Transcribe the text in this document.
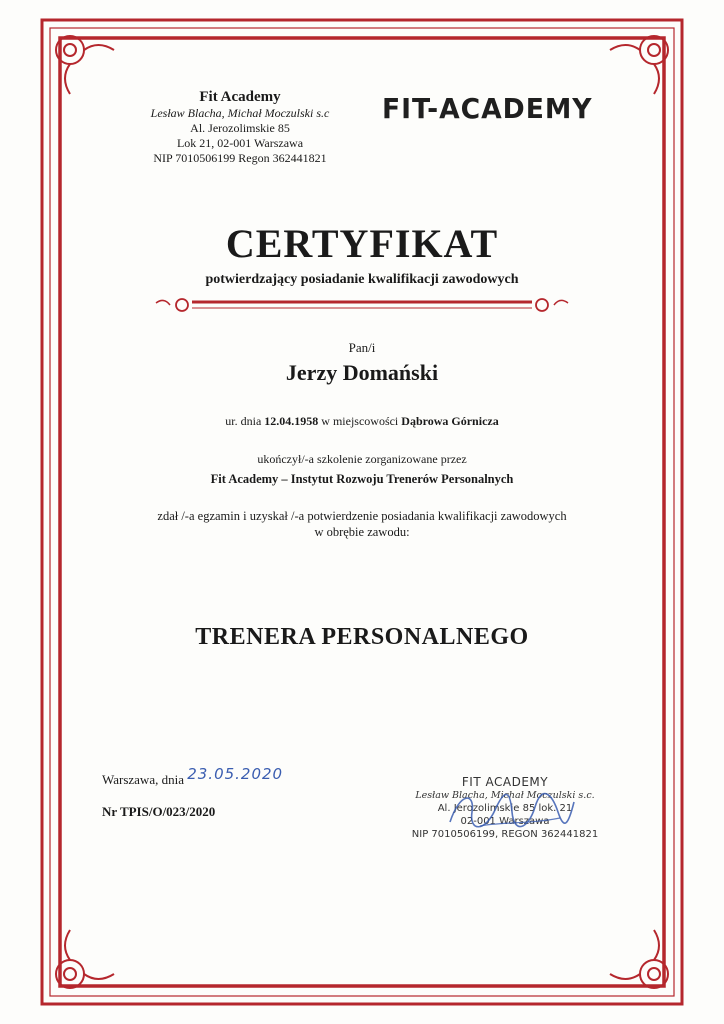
Fit Academy
Lesław Blacha, Michał Moczulski s.c
Al. Jerozolimskie 85
Lok 21, 02-001 Warszawa
NIP 7010506199 Regon 362441821
FIT-ACADEMY
CERTYFIKAT
potwierdzający posiadanie kwalifikacji zawodowych
Pan/i
Jerzy Domański
ur. dnia 12.04.1958 w miejscowości Dąbrowa Górnicza
ukończył/-a szkolenie zorganizowane przez
Fit Academy – Instytut Rozwoju Trenerów Personalnych
zdał /-a egzamin i uzyskał /-a potwierdzenie posiadania kwalifikacji zawodowych
w obrębie zawodu:
TRENERA PERSONALNEGO
Warszawa, dnia 23.05.2020
Nr TPIS/O/023/2020
FIT ACADEMY
Lesław Blacha, Michał Moczulski s.c.
Al. Jerozolimskie 85 lok. 21
02-001 Warszawa
NIP 7010506199, REGON 362441821
